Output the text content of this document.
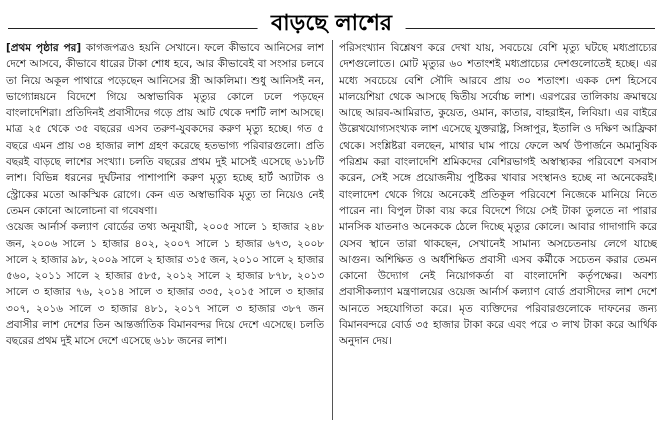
বাড়ছে লাশের

[প্রথম পৃষ্ঠার পর] কাগজপত্রও হয়নি সেখানে। ফলে কীভাবে আনিসের লাশ দেশে আসবে, কীভাবে ধারের টাকা শোধ হবে, আর কীভাবেই বা সংসার চলবে তা নিয়ে অকূল পাথারে পড়েছেন আনিসের স্ত্রী আকলিমা। শুধু আনিসই নন, ভাগ্যোন্নয়নে বিদেশে গিয়ে অস্বাভাবিক মৃত্যুর কোলে ঢলে পড়ছেন বাংলাদেশিরা। প্রতিদিনই প্রবাসীদের গড়ে প্রায় আট থেকে দশটি লাশ আসছে। মাত্র ২৫ থেকে ৩৫ বছরের এসব তরুণ-যুবকদের করুণ মৃত্যু হচ্ছে। গত ৫ বছরে এমন প্রায় ৩৪ হাজার লাশ গ্রহণ করেছে হতভাগ্য পরিবারগুলো। প্রতি বছরই বাড়ছে লাশের সংখ্যা। চলতি বছরের প্রথম দুই মাসেই এসেছে ৬১৮টি লাশ। বিভিন্ন ধরনের দুর্ঘটনার পাশাপাশি করুণ মৃত্যু হচ্ছে হার্ট অ্যাটাক ও স্ট্রোকের মতো আকস্মিক রোগে। কেন এত অস্বাভাবিক মৃত্যু তা নিয়েও নেই তেমন কোনো আলোচনা বা গবেষণা।

ওয়েজ আর্নার্স কল্যাণ বোর্ডের তথ্য অনুযায়ী, ২০০৫ সালে ১ হাজার ২৪৮ জন, ২০০৬ সালে ১ হাজার ৪০২, ২০০৭ সালে ১ হাজার ৬৭৩, ২০০৮ সালে ২ হাজার ৯৮, ২০০৯ সালে ২ হাজার ৩১৫ জন, ২০১০ সালে ২ হাজার ৫৬০, ২০১১ সালে ২ হাজার ৫৮৫, ২০১২ সালে ২ হাজার ৮৭৮, ২০১৩ সালে ৩ হাজার ৭৬, ২০১৪ সালে ৩ হাজার ৩৩৫, ২০১৫ সালে ৩ হাজার ৩০৭, ২০১৬ সালে ৩ হাজার ৪৮১, ২০১৭ সালে ৩ হাজার ৩৮৭ জন প্রবাসীর লাশ দেশের তিন আন্তর্জাতিক বিমানবন্দর দিয়ে দেশে এসেছে। চলতি বছরের প্রথম দুই মাসে দেশে এসেছে ৬১৮ জনের লাশ।

পরিসংখ্যান বিশ্লেষণ করে দেখা যায়, সবচেয়ে বেশি মৃত্যু ঘটছে মধ্যপ্রাচ্যের দেশগুলোতে। মোট মৃত্যুর ৬০ শতাংশই মধ্যপ্রাচ্যের দেশগুলোতেই হচ্ছে। এর মধ্যে সবচেয়ে বেশি সৌদি আরবে প্রায় ৩০ শতাংশ। একক দেশ হিসেবে মালয়েশিয়া থেকে আসছে দ্বিতীয় সর্বোচ্চ লাশ। এরপরের তালিকায় ক্রমান্বয়ে আছে আরব-আমিরাত, কুয়েত, ওমান, কাতার, বাহরাইন, লিবিয়া। এর বাইরে উল্লেখযোগ্যসংখ্যক লাশ এসেছে যুক্তরাষ্ট্র, সিঙ্গাপুর, ইতালি ও দক্ষিণ আফ্রিকা থেকে। সংশ্লিষ্টরা বলছেন, মাথার ঘাম পায়ে ফেলে অর্থ উপার্জনে অমানুষিক পরিশ্রম করা বাংলাদেশি শ্রমিকদের বেশিরভাগই অস্বাস্থ্যকর পরিবেশে বসবাস করেন, সেই সঙ্গে প্রয়োজনীয় পুষ্টিকর খাবার সংস্থানও হচ্ছে না অনেকেরই। বাংলাদেশ থেকে গিয়ে অনেকেই প্রতিকূল পরিবেশে নিজেকে মানিয়ে নিতে পারেন না। বিপুল টাকা ব্যয় করে বিদেশে গিয়ে সেই টাকা তুলতে না পারার মানসিক যাতনাও অনেককে ঠেলে দিচ্ছে মৃত্যুর কোলে। আবার গাদাগাদি করে যেসব স্থানে তারা থাকছেন, সেখানেই সামান্য অসচেতনায় লেগে যাচ্ছে আগুন। অশিক্ষিত ও অর্ধশিক্ষিত প্রবাসী এসব কর্মীকে সচেতন করার তেমন কোনো উদ্যোগ নেই নিয়োগকর্তা বা বাংলাদেশি কর্তৃপক্ষের। অবশ্য প্রবাসীকল্যাণ মন্ত্রণালয়ের ওয়েজ আর্নার্স কল্যাণ বোর্ড প্রবাসীদের লাশ দেশে আনতে সহযোগিতা করে। মৃত ব্যক্তিদের পরিবারগুলোকে দাফনের জন্য বিমানবন্দরে বোর্ড ৩৫ হাজার টাকা করে এবং পরে ৩ লাখ টাকা করে আর্থিক অনুদান দেয়।
